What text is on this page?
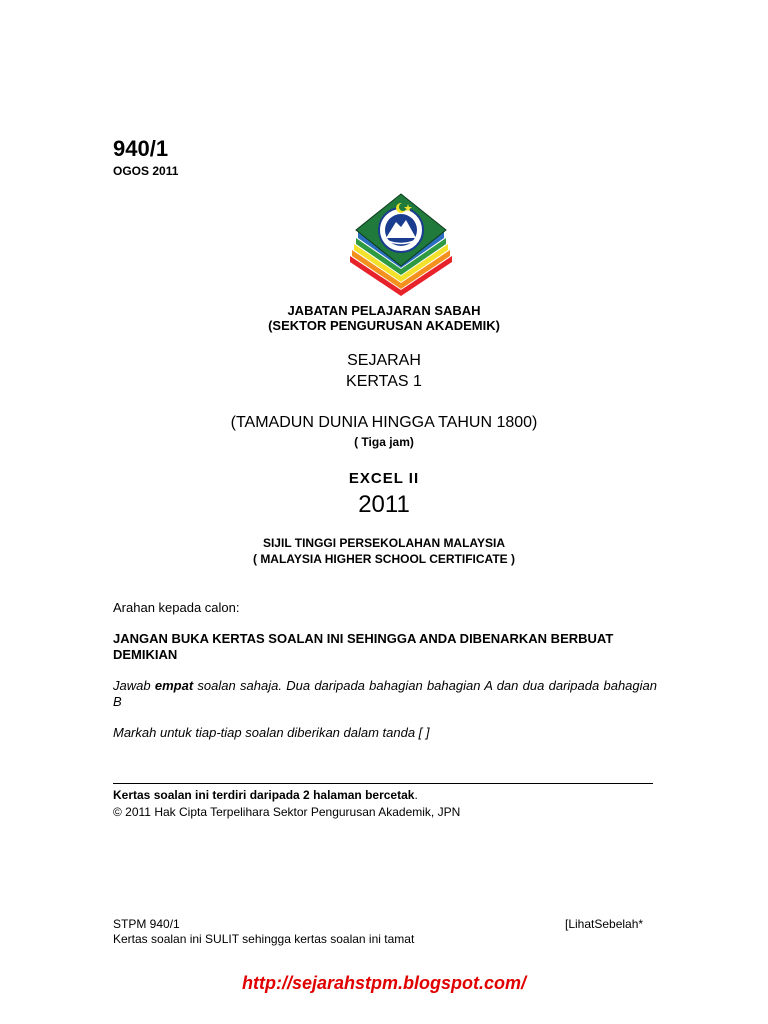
940/1
OGOS 2011
JABATAN PELAJARAN SABAH
(SEKTOR PENGURUSAN AKADEMIK)
SEJARAH
KERTAS 1
(TAMADUN DUNIA HINGGA TAHUN 1800)
( Tiga jam)
EXCEL II
2011
SIJIL TINGGI PERSEKOLAHAN MALAYSIA
( MALAYSIA HIGHER SCHOOL CERTIFICATE )
Arahan kepada calon:
JANGAN BUKA KERTAS SOALAN INI SEHINGGA ANDA DIBENARKAN BERBUAT DEMIKIAN
Jawab empat soalan sahaja. Dua daripada bahagian bahagian A dan dua daripada bahagian B
Markah untuk tiap-tiap soalan diberikan dalam tanda [ ]
Kertas soalan ini terdiri daripada 2 halaman bercetak.
© 2011 Hak Cipta Terpelihara Sektor Pengurusan Akademik, JPN
STPM 940/1	[LihatSebelah*
Kertas soalan ini SULIT sehingga kertas soalan ini tamat
http://sejarahstpm.blogspot.com/
